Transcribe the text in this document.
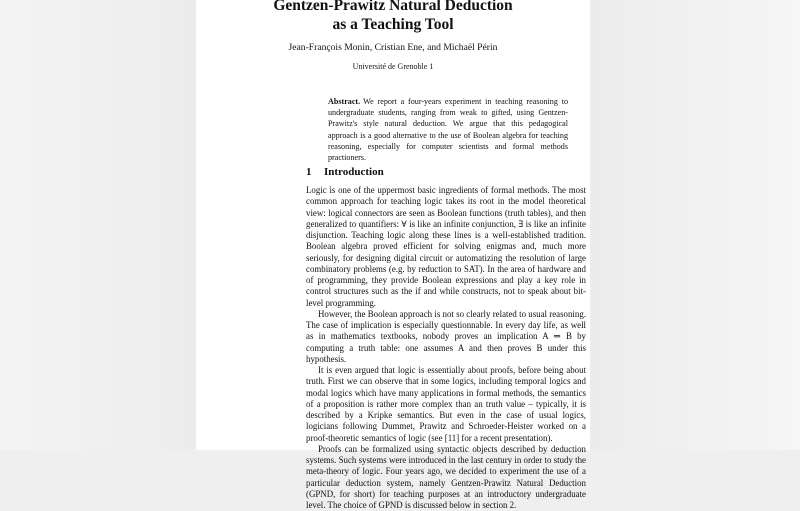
Gentzen-Prawitz Natural Deduction
as a Teaching Tool
Jean-François Monin, Cristian Ene, and Michaël Périn
Université de Grenoble 1
Abstract. We report a four-years experiment in teaching reasoning to undergraduate students, ranging from weak to gifted, using Gentzen-Prawitz's style natural deduction. We argue that this pedagogical approach is a good alternative to the use of Boolean algebra for teaching reasoning, especially for computer scientists and formal methods practioners.
1 Introduction

Logic is one of the uppermost basic ingredients of formal methods. The most common approach for teaching logic takes its root in the model theoretical view: logical connectors are seen as Boolean functions (truth tables), and then generalized to quantifiers: ∀ is like an infinite conjunction, ∃ is like an infinite disjunction. Teaching logic along these lines is a well-established tradition. Boolean algebra proved efficient for solving enigmas and, much more seriously, for designing digital circuit or automatizing the resolution of large combinatory problems (e.g. by reduction to SAT). In the area of hardware and of programming, they provide Boolean expressions and play a key role in control structures such as the if and while constructs, not to speak about bit-level programming.

However, the Boolean approach is not so clearly related to usual reasoning. The case of implication is especially questionnable. In every day life, as well as in mathematics textbooks, nobody proves an implication A ⇒ B by computing a truth table: one assumes A and then proves B under this hypothesis.

It is even argued that logic is essentially about proofs, before being about truth. First we can observe that in some logics, including temporal logics and modal logics which have many applications in formal methods, the semantics of a proposition is rather more complex than an truth value – typically, it is described by a Kripke semantics. But even in the case of usual logics, logicians following Dummet, Prawitz and Schroeder-Heister worked on a proof-theoretic semantics of logic (see [11] for a recent presentation).

Proofs can be formalized using syntactic objects described by deduction systems. Such systems were introduced in the last century in order to study the meta-theory of logic. Four years ago, we decided to experiment the use of a particular deduction system, namely Gentzen-Prawitz Natural Deduction (GPND, for short) for teaching purposes at an introductory undergraduate level. The choice of GPND is discussed below in section 2.
